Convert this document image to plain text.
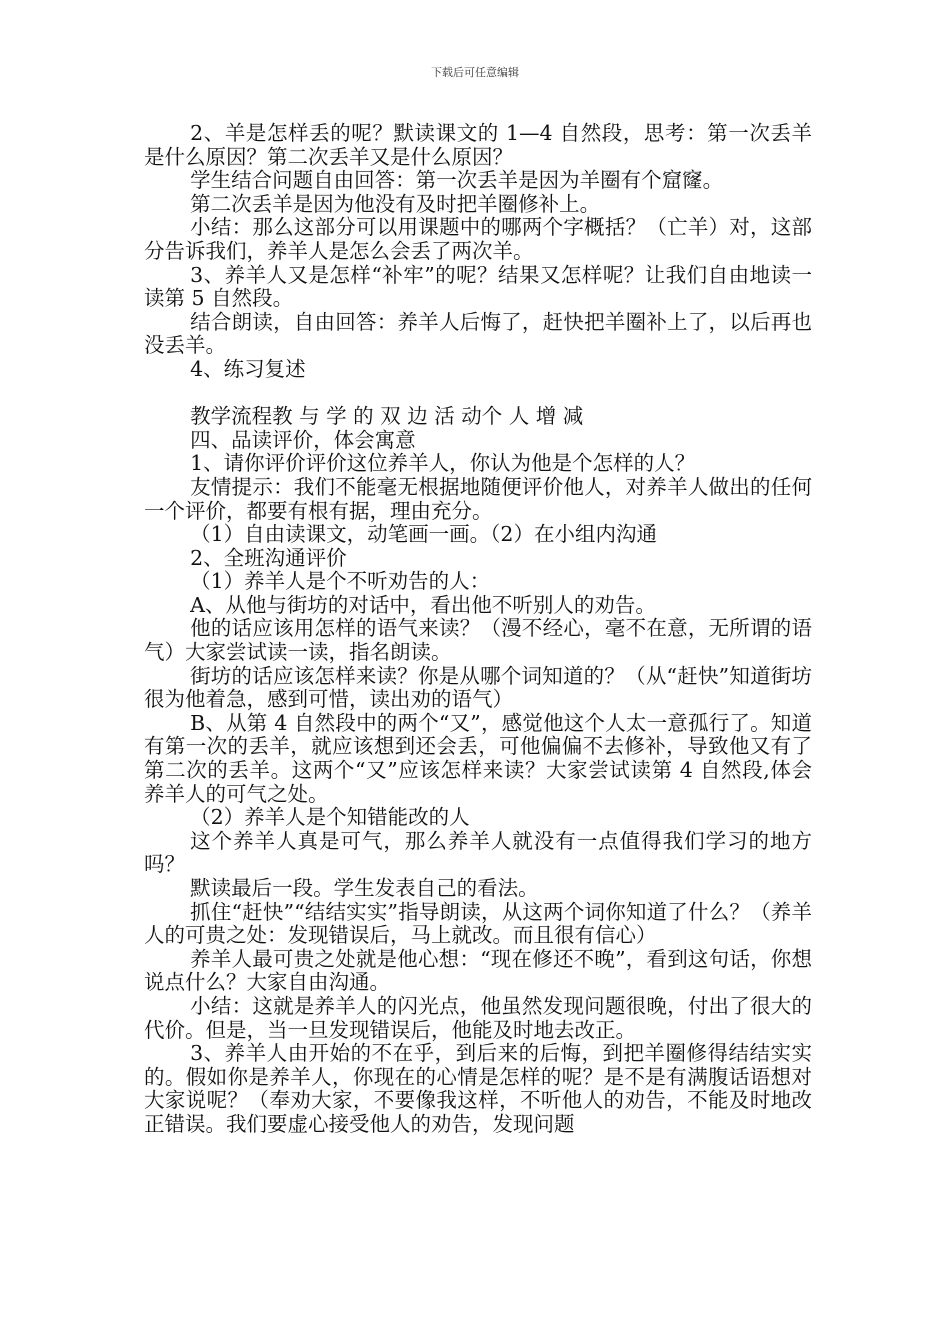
下载后可任意编辑

2、羊是怎样丢的呢？默读课文的 1—4 自然段，思考：第一次丢羊是什么原因？第二次丢羊又是什么原因？

学生结合问题自由回答：第一次丢羊是因为羊圈有个窟窿。

第二次丢羊是因为他没有及时把羊圈修补上。

小结：那么这部分可以用课题中的哪两个字概括？（亡羊）对，这部分告诉我们，养羊人是怎么会丢了两次羊。

3、养羊人又是怎样“补牢”的呢？结果又怎样呢？让我们自由地读一读第 5 自然段。

结合朗读，自由回答：养羊人后悔了，赶快把羊圈补上了，以后再也没丢羊。

4、练习复述

教学流程教 与 学 的 双 边 活 动个 人 增 减

四、品读评价，体会寓意

1、请你评价评价这位养羊人，你认为他是个怎样的人？

友情提示：我们不能毫无根据地随便评价他人，对养羊人做出的任何一个评价，都要有根有据，理由充分。

（1）自由读课文，动笔画一画。（2）在小组内沟通

2、全班沟通评价

（1）养羊人是个不听劝告的人：

A、从他与街坊的对话中，看出他不听别人的劝告。

他的话应该用怎样的语气来读？（漫不经心，毫不在意，无所谓的语气）大家尝试读一读，指名朗读。

街坊的话应该怎样来读？你是从哪个词知道的？（从“赶快”知道街坊很为他着急，感到可惜，读出劝的语气）

B、从第 4 自然段中的两个“又”，感觉他这个人太一意孤行了。知道有第一次的丢羊，就应该想到还会丢，可他偏偏不去修补，导致他又有了第二次的丢羊。这两个“又”应该怎样来读？大家尝试读第 4 自然段,体会养羊人的可气之处。

（2）养羊人是个知错能改的人

这个养羊人真是可气，那么养羊人就没有一点值得我们学习的地方吗？

默读最后一段。学生发表自己的看法。

抓住“赶快”“结结实实”指导朗读，从这两个词你知道了什么？（养羊人的可贵之处：发现错误后，马上就改。而且很有信心）

养羊人最可贵之处就是他心想：“现在修还不晚”，看到这句话，你想说点什么？大家自由沟通。

小结：这就是养羊人的闪光点，他虽然发现问题很晚，付出了很大的代价。但是，当一旦发现错误后，他能及时地去改正。

3、养羊人由开始的不在乎，到后来的后悔，到把羊圈修得结结实实的。假如你是养羊人，你现在的心情是怎样的呢？是不是有满腹话语想对大家说呢？（奉劝大家，不要像我这样，不听他人的劝告，不能及时地改正错误。我们要虚心接受他人的劝告，发现问题
